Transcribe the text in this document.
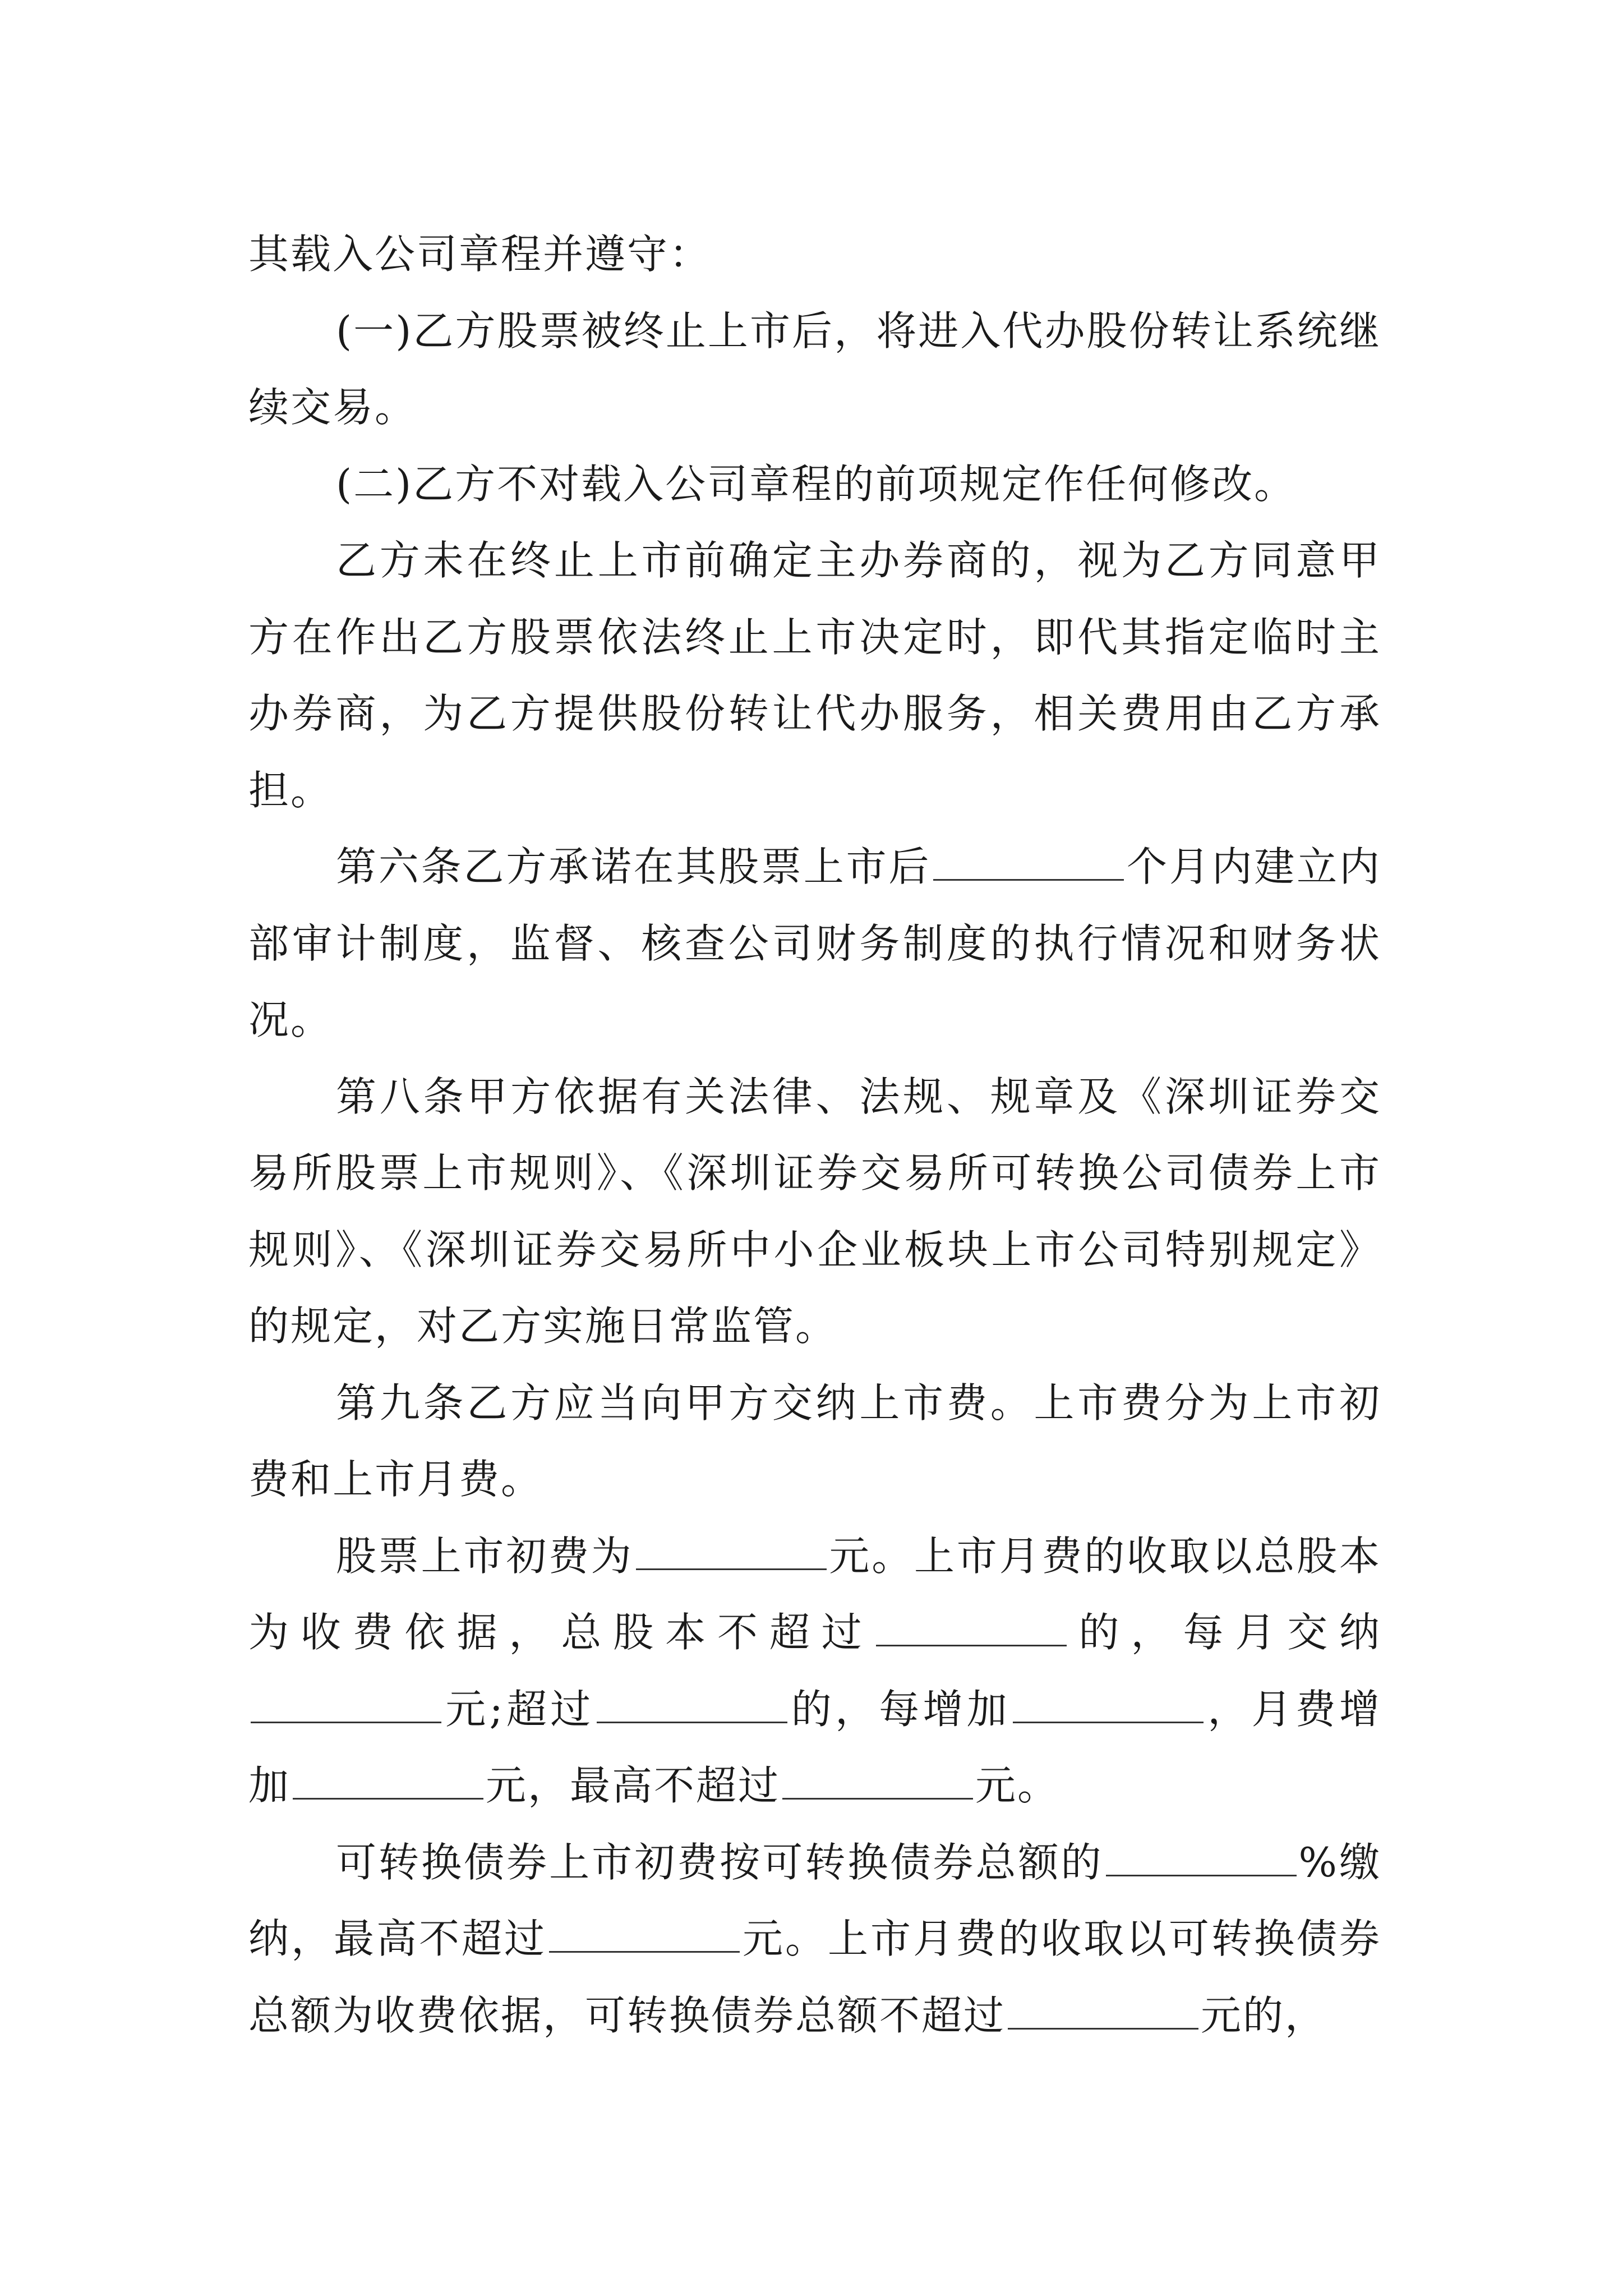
其载入公司章程并遵守：

(一)乙方股票被终止上市后，将进入代办股份转让系统继续交易。

(二)乙方不对载入公司章程的前项规定作任何修改。

乙方未在终止上市前确定主办券商的，视为乙方同意甲方在作出乙方股票依法终止上市决定时，即代其指定临时主办券商，为乙方提供股份转让代办服务，相关费用由乙方承担。

第六条乙方承诺在其股票上市后	个月内建立内部审计制度，监督、核查公司财务制度的执行情况和财务状况。

第八条甲方依据有关法律、法规、规章及《深圳证券交易所股票上市规则》、《深圳证券交易所可转换公司债券上市规则》、《深圳证券交易所中小企业板块上市公司特别规定》的规定，对乙方实施日常监管。

第九条乙方应当向甲方交纳上市费。上市费分为上市初费和上市月费。

股票上市初费为	元。上市月费的收取以总股本为收费依据，总股本不超过	的，每月交纳元;超过	的，每增加	，月费增加	元，最高不超过	元。

可转换债券上市初费按可转换债券总额的	%缴纳，最高不超过	元。上市月费的收取以可转换债券总额为收费依据，可转换债券总额不超过	元的，
